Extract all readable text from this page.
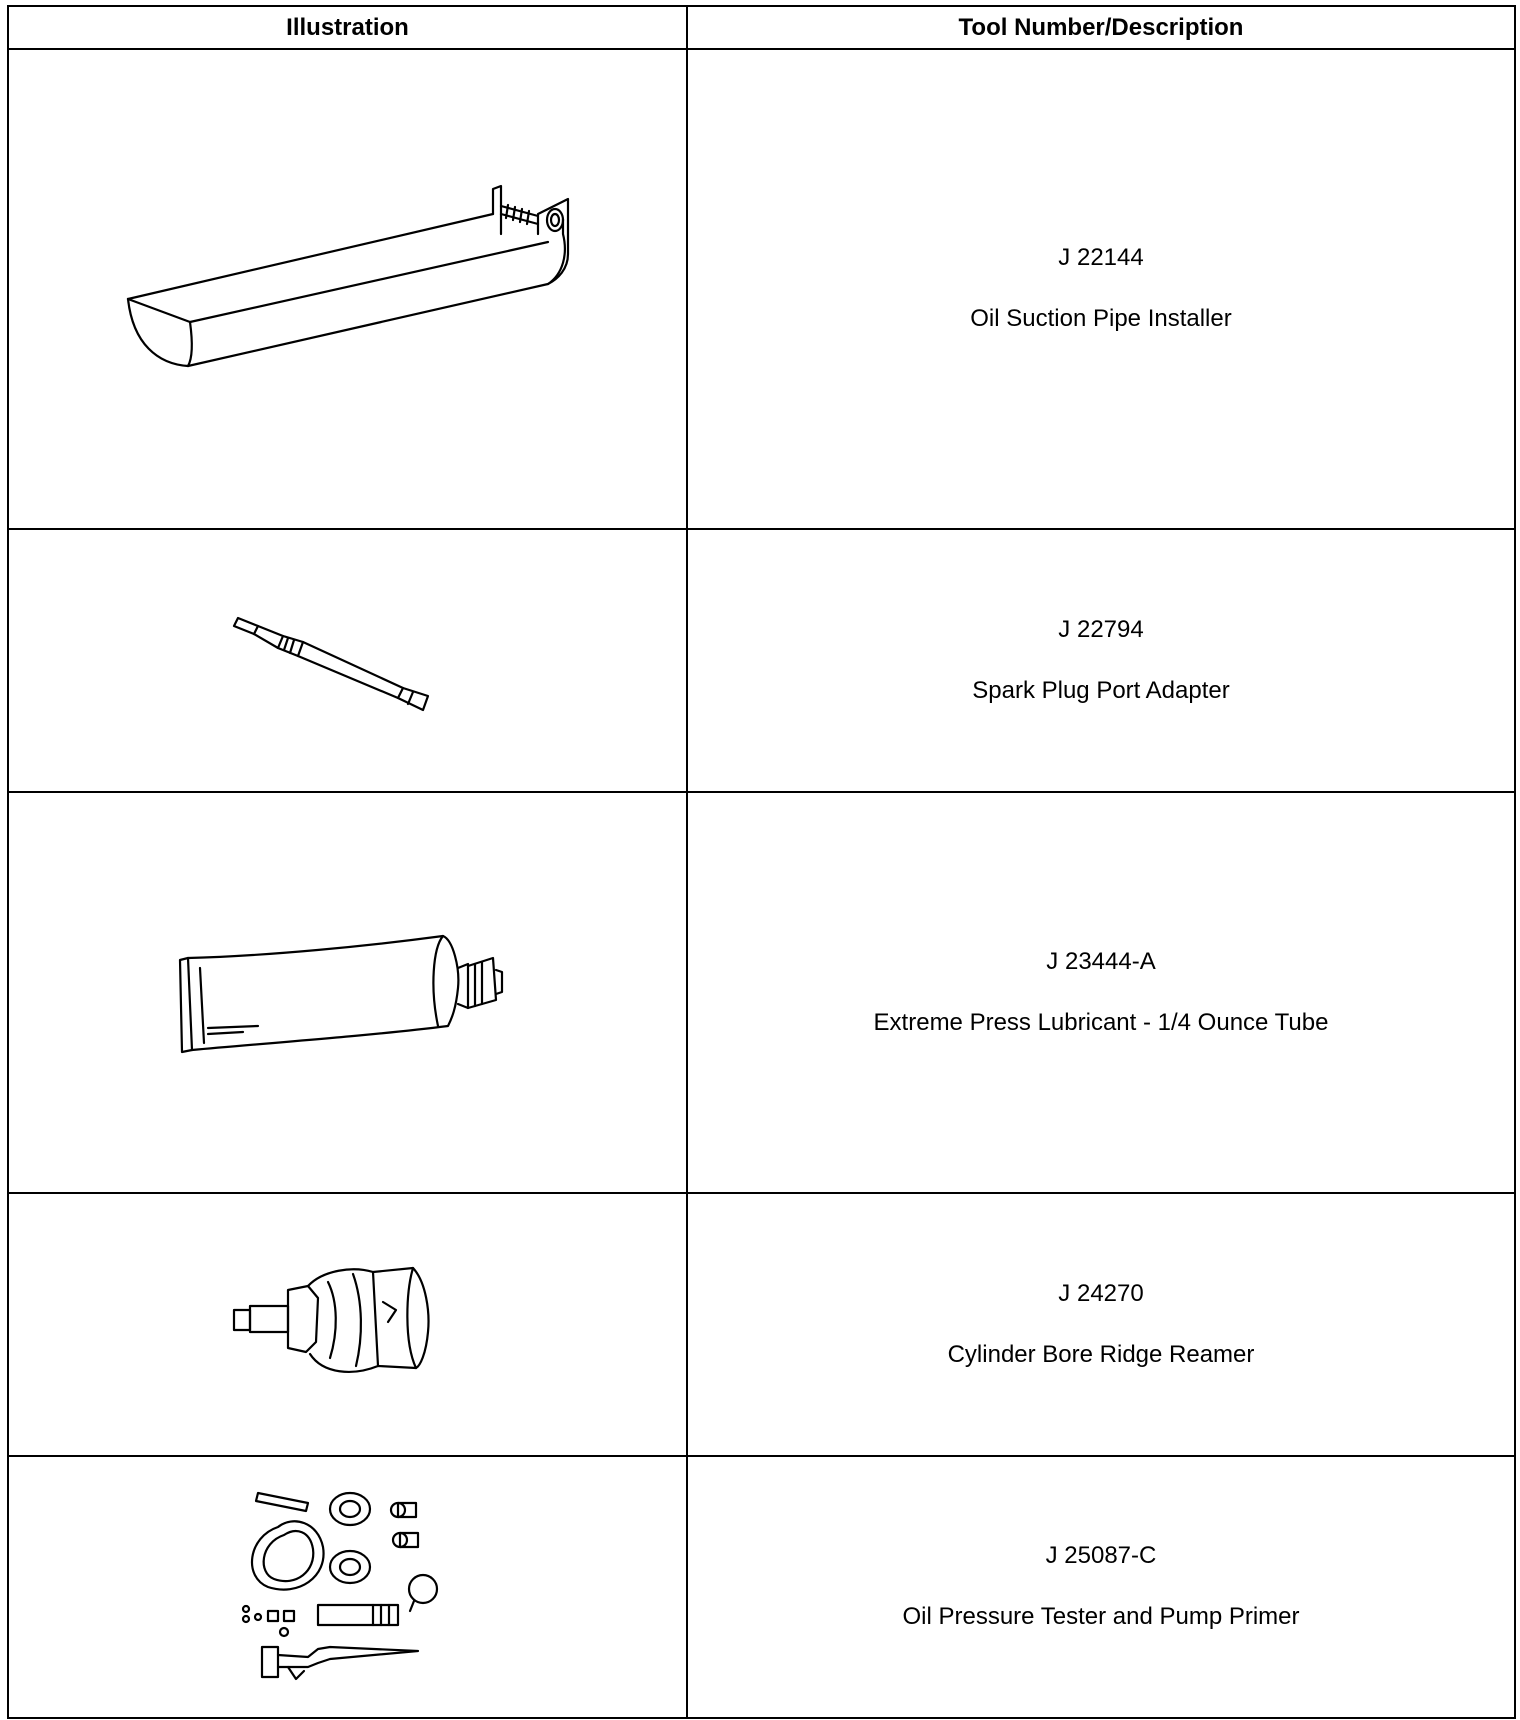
Illustration	Tool Number/Description

J 22144
Oil Suction Pipe Installer

J 22794
Spark Plug Port Adapter

J 23444-A
Extreme Press Lubricant - 1/4 Ounce Tube

J 24270
Cylinder Bore Ridge Reamer

J 25087-C
Oil Pressure Tester and Pump Primer
